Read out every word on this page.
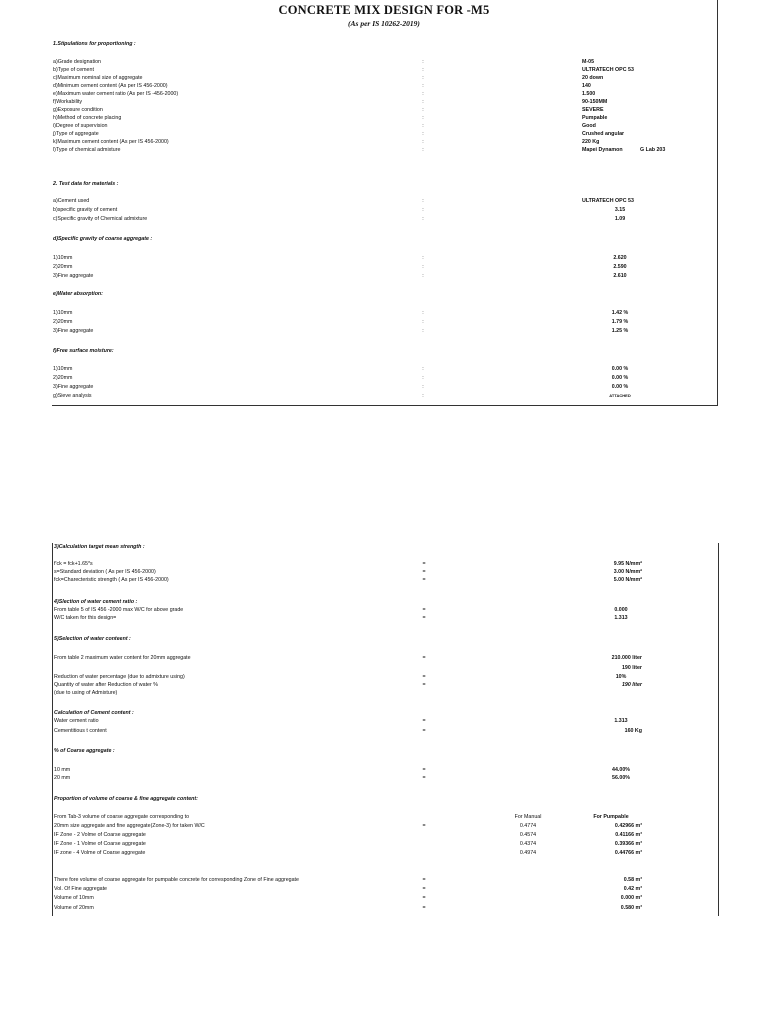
CONCRETE MIX DESIGN FOR -M5
(As per IS 10262-2019)
1.Stipulations for proportioning :
a)Grade designation	:	M-05
b)Type of cement	:	ULTRATECH OPC 53
c)Maximum nominal size of aggregate	:	20 down
d)Minimum cement content (As per IS 456-2000)	:	140
e)Maximum water cement ratio (As per IS -456-2000)	:	1.500
f)Workability	:	90-150MM
g)Exposure condition	:	SEVERE
h)Method of concrete placing	:	Pumpable
i)Degree of supervision	:	Good
j)Type of aggregate	:	Crushed angular
k)Maximum cement content (As per IS 456-2000)	:	220 Kg
l)Type of chemical admixture	:	Mapei Dynamon	G Lab 203
2. Test data for materials :
a)Cement used	:	ULTRATECH OPC 53
b)specific gravity of cement	:	3.15
c)Specific gravity of Chemical admixture	:	1.09
d)Specific gravity of coarse aggregate :
1)10mm	:	2.620
2)20mm	:	2.590
3)Fine aggregate	:	2.610
e)Water absorption:
1)10mm	:	1.42 %
2)20mm	:	1.79 %
3)Fine aggregate	:	1.25 %
f)Free surface moisture:
1)10mm	:	0.00 %
2)20mm	:	0.00 %
3)Fine aggregate	:	0.00 %
g)Sieve analysis	:	ATTACHED
3)Calculation target mean strength :
f'ck = fck+1.65*s	=	9.95 N/mm²
s=Standard deviation ( As per IS 456-2000)	=	3.00 N/mm²
fck=Charecteristic strength ( As per IS 456-2000)	=	5.00 N/mm²
4)Slection of water cement ratio :
From table 5 of IS 456 -2000 max W/C for above grade	=	0.000
W/C taken for this design=	=	1.313
5)Selection of water conteent :
From table 2 maximum water content for 20mm aggregate	=	210.000 liter
190 liter
Reduction of water percentage (due to admixture using)	=	10%
Quantity of water after Reduction of water %	=	190 liter
(due to using of Admixture)
Calculation of Cement content :
Water cement ratio	=	1.313
Cementitious t content	=	160 Kg
% of Coarse aggregate :
10 mm	=	44.00%
20 mm	=	56.00%
Proportion of volume of coarse & fine aggregate content:
For Manual	For Pumpable
From Tab-3 volume of coarse aggregate corresponding to
20mm size aggregate and fine aggregate(Zone-3) for taken W/C	=	0.4774	0.42966 m³
IF Zone - 2 Volme of Coarse aggregate	0.4574	0.41166 m³
IF Zone - 1 Volme of Coarse aggregate	0.4374	0.39366 m³
IF zone - 4 Volme of Coarse aggregate	0.4974	0.44766 m³
There fore volume of coarse aggregate for pumpable concrete for corresponding Zone of Fine aggregate	=	0.58 m³
Vol. Of Fine aggregate	=	0.42 m³
Volume of 10mm	=	0.000 m³
Volume of 20mm	=	0.580 m³
